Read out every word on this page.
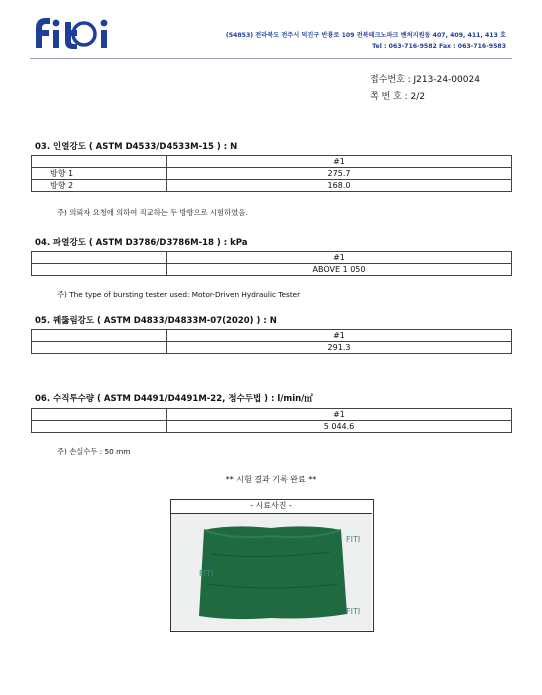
(54853) 전라북도 전주시 덕진구 반룡로 109 전북테크노파크 벤처지원동 407, 409, 411, 413 호
Tel : 063-716-9582 Fax : 063-716-9583
접수번호 : J213-24-00024
쪽 번 호 : 2/2
03. 인열강도 ( ASTM D4533/D4533M-15 ) : N
	#1
방향 1	275.7
방향 2	168.0
주) 의뢰자 요청에 의하여 직교하는 두 방향으로 시험하였음.
04. 파열강도 ( ASTM D3786/D3786M-18 ) : kPa
	#1
	ABOVE 1 050
주) The type of bursting tester used: Motor-Driven Hydraulic Tester
05. 꿰뚫림강도 ( ASTM D4833/D4833M-07(2020) ) : N
	#1
	291.3
06. 수직투수량 ( ASTM D4491/D4491M-22, 정수두법 ) : l/min/㎡
	#1
	5 044.6
주) 손실수두 : 50 mm
** 시험 결과 기록 완료 **
- 시료사진 -
FITI
FITI
FITI
